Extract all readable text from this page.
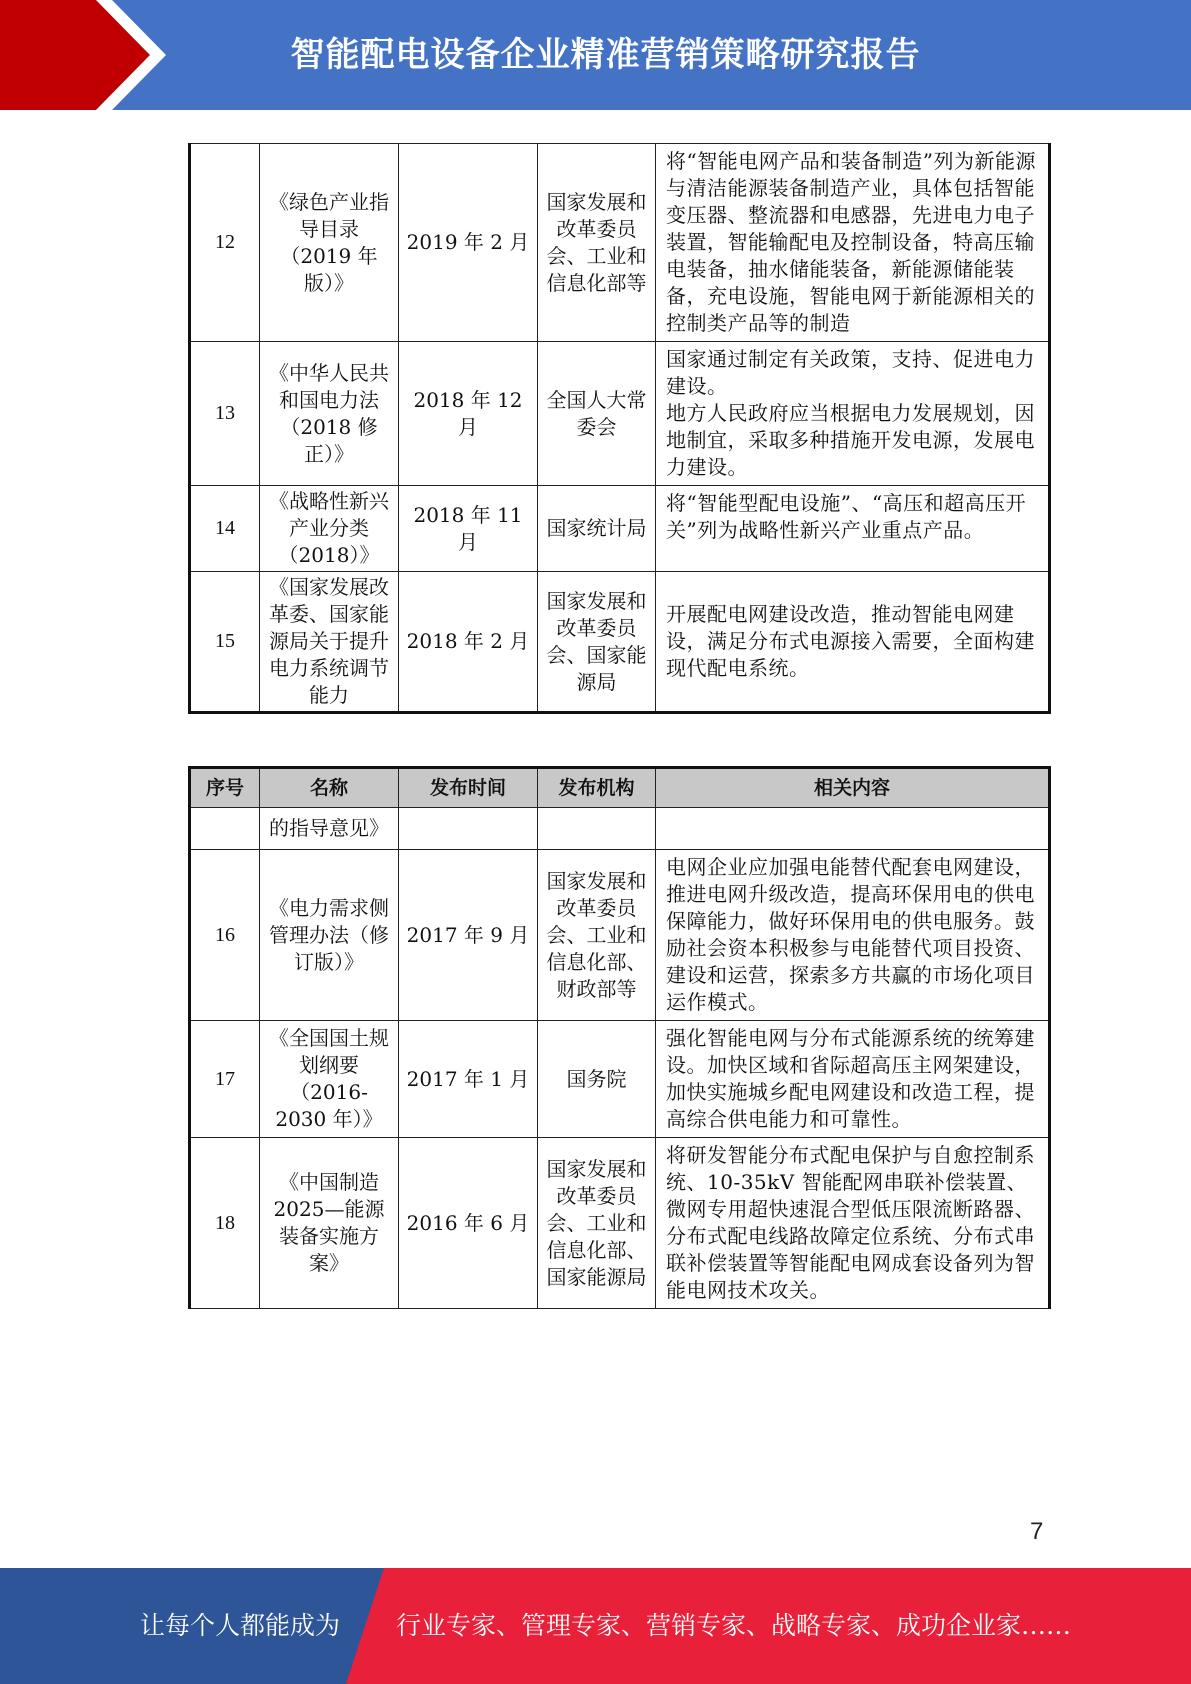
智能配电设备企业精准营销策略研究报告
12	《绿色产业指导目录（2019 年版）》	2019 年 2 月	国家发展和改革委员会、工业和信息化部等	将“智能电网产品和装备制造”列为新能源与清洁能源装备制造产业，具体包括智能变压器、整流器和电感器，先进电力电子装置，智能输配电及控制设备，特高压输电装备，抽水储能装备，新能源储能装备，充电设施，智能电网于新能源相关的控制类产品等的制造
13	《中华人民共和国电力法（2018 修正）》	2018 年 12 月	全国人大常委会	国家通过制定有关政策，支持、促进电力建设。
地方人民政府应当根据电力发展规划，因地制宜，采取多种措施开发电源，发展电力建设。

14	《战略性新兴产业分类（2018）》	2018 年 11 月	国家统计局	将“智能型配电设施”、“高压和超高压开关”列为战略性新兴产业重点产品。
15	《国家发展改革委、国家能源局关于提升电力系统调节能力	2018 年 2 月	国家发展和改革委员会、国家能源局	开展配电网建设改造，推动智能电网建设，满足分布式电源接入需要，全面构建现代配电系统。
序号	名称	发布时间	发布机构	相关内容
	的指导意见》			
16	《电力需求侧管理办法（修订版）》	2017 年 9 月	国家发展和改革委员会、工业和信息化部、财政部等	电网企业应加强电能替代配套电网建设，推进电网升级改造，提高环保用电的供电保障能力，做好环保用电的供电服务。鼓励社会资本积极参与电能替代项目投资、建设和运营，探索多方共赢的市场化项目运作模式。
17	《全国国土规划纲要（2016-2030 年）》	2017 年 1 月	国务院	强化智能电网与分布式能源系统的统筹建设。加快区域和省际超高压主网架建设，加快实施城乡配电网建设和改造工程，提高综合供电能力和可靠性。
18	《中国制造 2025—能源装备实施方案》	2016 年 6 月	国家发展和改革委员会、工业和信息化部、国家能源局	将研发智能分布式配电保护与自愈控制系统、10-35kV 智能配网串联补偿装置、微网专用超快速混合型低压限流断路器、分布式配电线路故障定位系统、分布式串联补偿装置等智能配电网成套设备列为智能电网技术攻关。
7
让每个人都能成为 行业专家、管理专家、营销专家、战略专家、成功企业家……
